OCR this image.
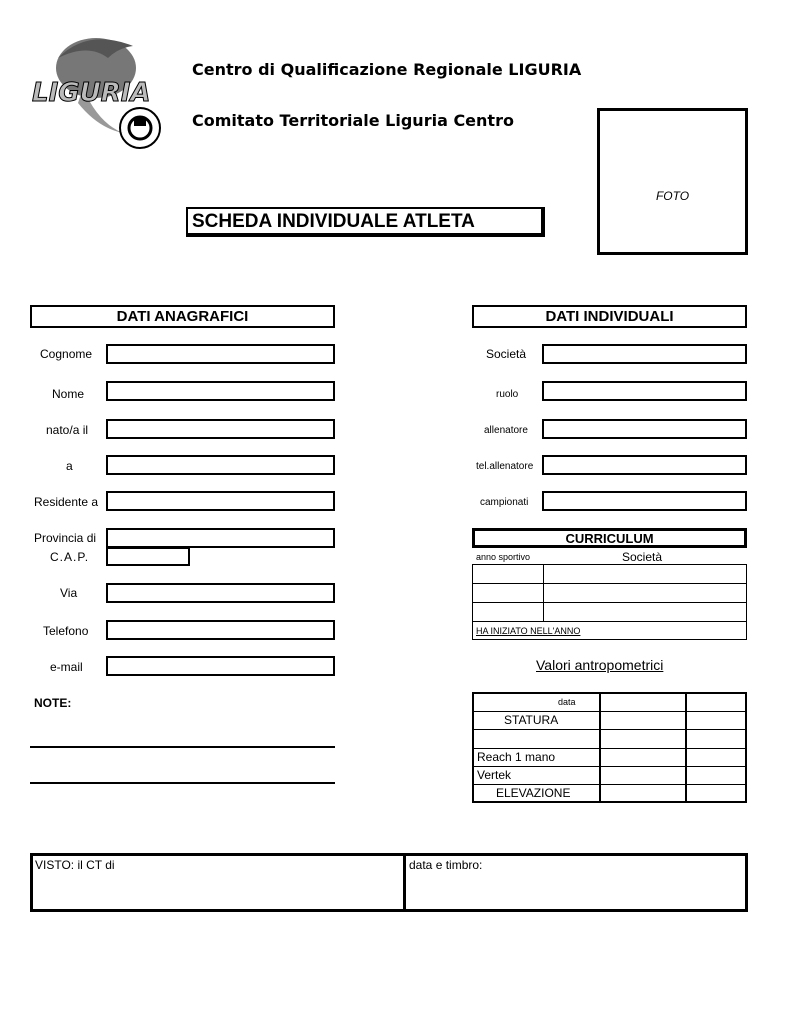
LIGURIA
Centro di Qualificazione Regionale LIGURIA
Comitato Territoriale Liguria Centro
FOTO
SCHEDA INDIVIDUALE ATLETA
DATI ANAGRAFICI
Cognome
Nome
nato/a il
a
Residente a
Provincia di
C.A.P.
Via
Telefono
e-mail
NOTE:
DATI INDIVIDUALI
Società
ruolo
allenatore
tel.allenatore
campionati
CURRICULUM
anno sportivo	Società
HA INIZIATO NELL'ANNO
Valori antropometrici
data
STATURA
Reach 1 mano
Vertek
ELEVAZIONE
VISTO: il CT di	data e timbro:
